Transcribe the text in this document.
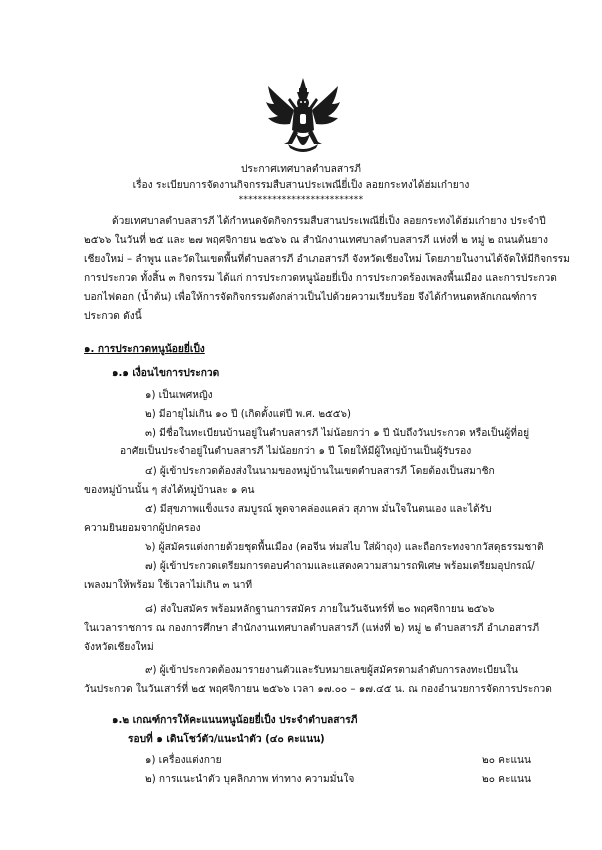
ประกาศเทศบาลตำบลสารภี
เรื่อง ระเบียบการจัดงานกิจกรรมสืบสานประเพณียี่เป็ง ลอยกระทงได้ฮ่มเก๋ายาง
**************************
ด้วยเทศบาลตำบลสารภี ได้กำหนดจัดกิจกรรมสืบสานประเพณียี่เป็ง ลอยกระทงได้ฮ่มเก๋ายาง ประจำปี
๒๕๖๖ ในวันที่ ๒๕ และ ๒๗ พฤศจิกายน ๒๕๖๖ ณ สำนักงานเทศบาลตำบลสารภี แห่งที่ ๒ หมู่ ๒ ถนนต้นยาง
เชียงใหม่ – ลำพูน และวัดในเขตพื้นที่ตำบลสารภี อำเภอสารภี จังหวัดเชียงใหม่ โดยภายในงานได้จัดให้มีกิจกรรม
การประกวด ทั้งสิ้น ๓ กิจกรรม ได้แก่ การประกวดหนูน้อยยี่เป็ง การประกวดร้องเพลงพื้นเมือง และการประกวด
บอกไฟดอก (น้ำต้น) เพื่อให้การจัดกิจกรรมดังกล่าวเป็นไปด้วยความเรียบร้อย จึงได้กำหนดหลักเกณฑ์การ
ประกวด ดังนี้
๑. การประกวดหนูน้อยยี่เป็ง
๑.๑ เงื่อนไขการประกวด
๑) เป็นเพศหญิง
๒) มีอายุไม่เกิน ๑๐ ปี (เกิดตั้งแต่ปี พ.ศ. ๒๕๕๖)
๓) มีชื่อในทะเบียนบ้านอยู่ในตำบลสารภี ไม่น้อยกว่า ๑ ปี นับถึงวันประกวด หรือเป็นผู้ที่อยู่
อาศัยเป็นประจำอยู่ในตำบลสารภี ไม่น้อยกว่า ๑ ปี โดยให้มีผู้ใหญ่บ้านเป็นผู้รับรอง
๔) ผู้เข้าประกวดต้องส่งในนามของหมู่บ้านในเขตตำบลสารภี โดยต้องเป็นสมาชิก
ของหมู่บ้านนั้น ๆ ส่งได้หมู่บ้านละ ๑ คน
๕) มีสุขภาพแข็งแรง สมบูรณ์ พูดจาคล่องแคล่ว สุภาพ มั่นใจในตนเอง และได้รับ
ความยินยอมจากผู้ปกครอง
๖) ผู้สมัครแต่งกายด้วยชุดพื้นเมือง (คอจีน ห่มสไบ ใส่ผ้าถุง) และถือกระทงจากวัสดุธรรมชาติ
๗) ผู้เข้าประกวดเตรียมการตอบคำถามและแสดงความสามารถพิเศษ พร้อมเตรียมอุปกรณ์/
เพลงมาให้พร้อม ใช้เวลาไม่เกิน ๓ นาที
๘) ส่งใบสมัคร พร้อมหลักฐานการสมัคร ภายในวันจันทร์ที่ ๒๐ พฤศจิกายน ๒๕๖๖
ในเวลาราชการ ณ กองการศึกษา สำนักงานเทศบาลตำบลสารภี (แห่งที่ ๒) หมู่ ๒ ตำบลสารภี อำเภอสารภี
จังหวัดเชียงใหม่
๙) ผู้เข้าประกวดต้องมารายงานตัวและรับหมายเลขผู้สมัครตามลำดับการลงทะเบียนใน
วันประกวด ในวันเสาร์ที่ ๒๕ พฤศจิกายน ๒๕๖๖ เวลา ๑๗.๐๐ – ๑๗.๔๕ น. ณ กองอำนวยการจัดการประกวด
๑.๒ เกณฑ์การให้คะแนนหนูน้อยยี่เป็ง ประจำตำบลสารภี
รอบที่ ๑ เดินโชว์ตัว/แนะนำตัว (๔๐ คะแนน)
๑) เครื่องแต่งกาย	๒๐ คะแนน
๒) การแนะนำตัว บุคลิกภาพ ท่าทาง ความมั่นใจ	๒๐ คะแนน
